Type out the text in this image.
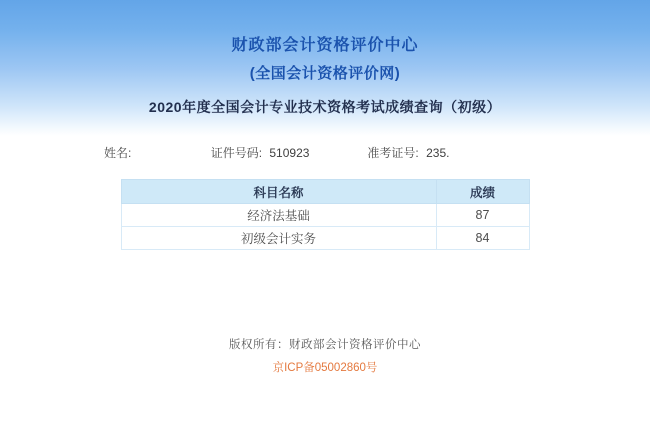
财政部会计资格评价中心
(全国会计资格评价网)
2020年度全国会计专业技术资格考试成绩查询（初级）
姓名:	证件号码: 510923	准考证号: 235.
科目名称	成绩
经济法基础	87
初级会计实务	84
版权所有：财政部会计资格评价中心
京ICP备05002860号
